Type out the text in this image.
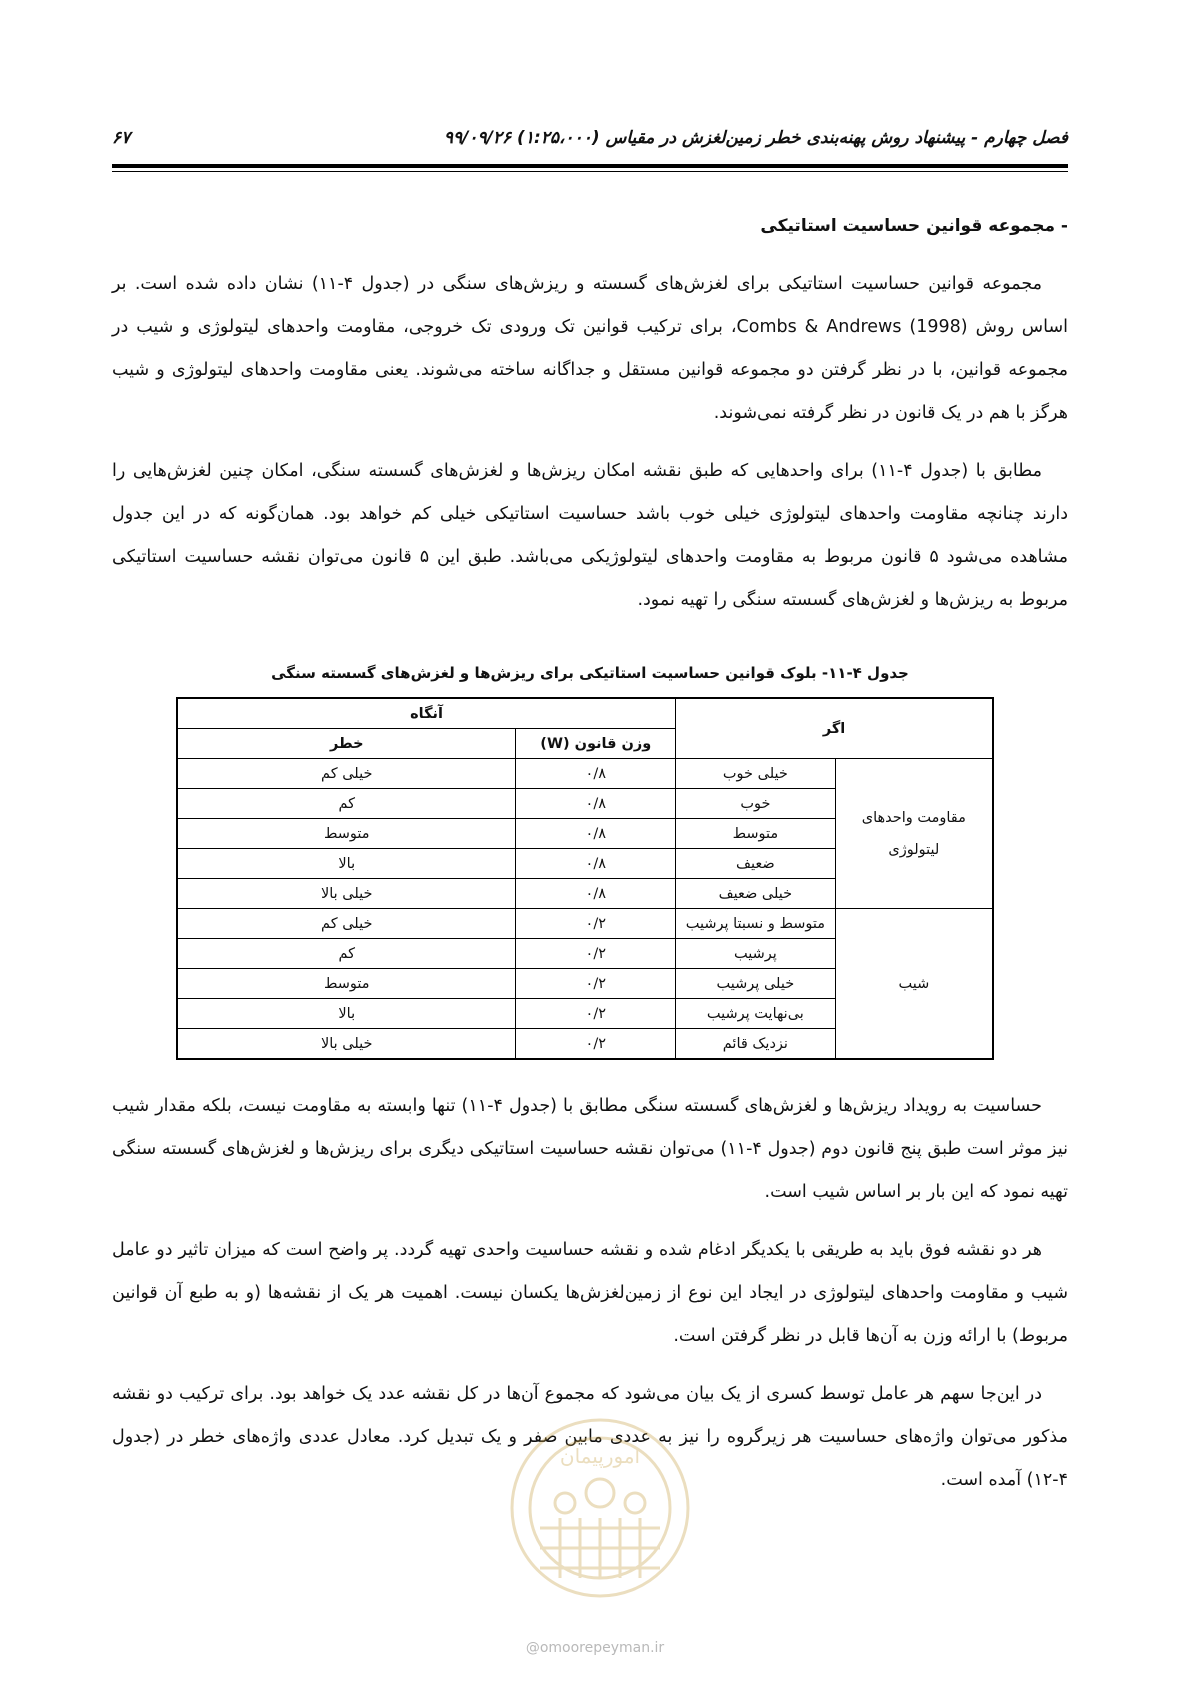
فصل چهارم - پیشنهاد روش پهنه‌بندی خطر زمین‌لغزش در مقیاس (۱:۲۵،۰۰۰) ۹۹/۰۹/۲۶
۶۷
- مجموعه قوانین حساسیت استاتیکی

مجموعه قوانین حساسیت استاتیکی برای لغزش‌های گسسته و ریزش‌های سنگی در (جدول ۴-۱۱) نشان داده شده است. بر اساس روش Combs & Andrews (1998)، برای ترکیب قوانین تک ورودی تک خروجی، مقاومت واحدهای لیتولوژی و شیب در مجموعه قوانین، با در نظر گرفتن دو مجموعه قوانین مستقل و جداگانه ساخته می‌شوند. یعنی مقاومت واحدهای لیتولوژی و شیب هرگز با هم در یک قانون در نظر گرفته نمی‌شوند.

مطابق با (جدول ۴-۱۱) برای واحدهایی که طبق نقشه امکان ریزش‌ها و لغزش‌های گسسته سنگی، امکان چنین لغزش‌هایی را دارند چنانچه مقاومت واحدهای لیتولوژی خیلی خوب باشد حساسیت استاتیکی خیلی کم خواهد بود. همان‌گونه که در این جدول مشاهده می‌شود ۵ قانون مربوط به مقاومت واحدهای لیتولوژیکی می‌باشد. طبق این ۵ قانون می‌توان نقشه حساسیت استاتیکی مربوط به ریزش‌ها و لغزش‌های گسسته سنگی را تهیه نمود.

جدول ۴-۱۱- بلوک قوانین حساسیت استاتیکی برای ریزش‌ها و لغزش‌های گسسته سنگی
اگر		آنگاه	
		وزن قانون (W)	خطر
مقاومت واحدهای لیتولوژی	خیلی خوب	۰/۸	خیلی کم
	خوب	۰/۸	کم
	متوسط	۰/۸	متوسط
	ضعیف	۰/۸	بالا
	خیلی ضعیف	۰/۸	خیلی بالا
شیب	متوسط و نسبتا پرشیب	۰/۲	خیلی کم
	پرشیب	۰/۲	کم
	خیلی پرشیب	۰/۲	متوسط
	بی‌نهایت پرشیب	۰/۲	بالا
	نزدیک قائم	۰/۲	خیلی بالا

حساسیت به رویداد ریزش‌ها و لغزش‌های گسسته سنگی مطابق با (جدول ۴-۱۱) تنها وابسته به مقاومت نیست، بلکه مقدار شیب نیز موثر است طبق پنج قانون دوم (جدول ۴-۱۱) می‌توان نقشه حساسیت استاتیکی دیگری برای ریزش‌ها و لغزش‌های گسسته سنگی تهیه نمود که این بار بر اساس شیب است.

هر دو نقشه فوق باید به طریقی با یکدیگر ادغام شده و نقشه حساسیت واحدی تهیه گردد. پر واضح است که میزان تاثیر دو عامل شیب و مقاومت واحدهای لیتولوژی در ایجاد این نوع از زمین‌لغزش‌ها یکسان نیست. اهمیت هر یک از نقشه‌ها (و به طبع آن قوانین مربوط) با ارائه وزن به آن‌ها قابل در نظر گرفتن است.

در این‌جا سهم هر عامل توسط کسری از یک بیان می‌شود که مجموع آن‌ها در کل نقشه عدد یک خواهد بود. برای ترکیب دو نقشه مذکور می‌توان واژه‌های حساسیت هر زیرگروه را نیز به عددی مابین صفر و یک تبدیل کرد. معادل عددی واژه‌های خطر در (جدول ۴-۱۲) آمده است.

امورپیمان
@omoorepeyman.ir
